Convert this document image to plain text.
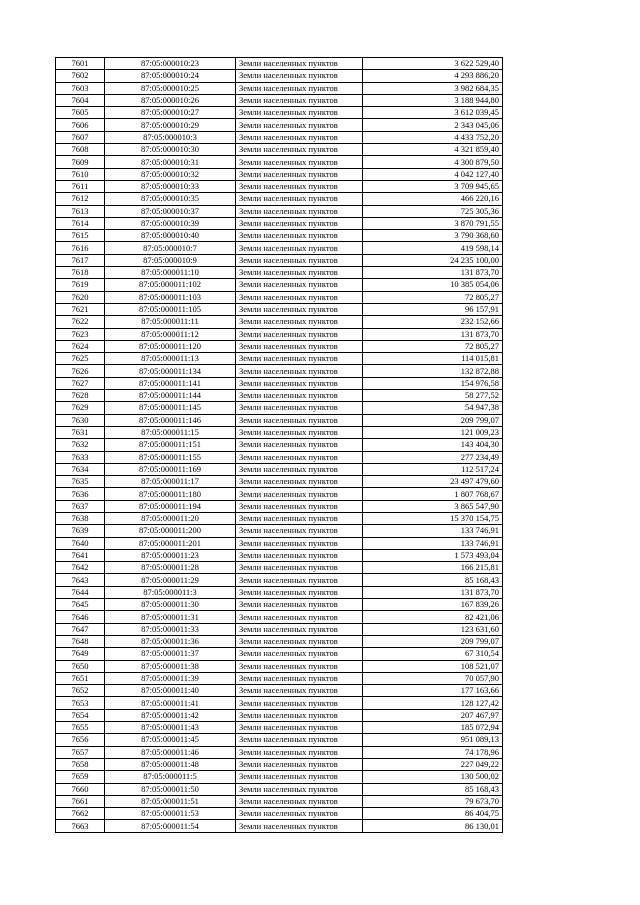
7601	87:05:000010:23	Земли населенных пунктов	3 622 529,40
7602	87:05:000010:24	Земли населенных пунктов	4 293 886,20
7603	87:05:000010:25	Земли населенных пунктов	3 982 684,35
7604	87:05:000010:26	Земли населенных пунктов	3 188 944,80
7605	87:05:000010:27	Земли населенных пунктов	3 612 039,45
7606	87:05:000010:29	Земли населенных пунктов	2 343 045,06
7607	87:05:000010:3	Земли населенных пунктов	4 433 752,20
7608	87:05:000010:30	Земли населенных пунктов	4 321 859,40
7609	87:05:000010:31	Земли населенных пунктов	4 300 879,50
7610	87:05:000010:32	Земли населенных пунктов	4 042 127,40
7611	87:05:000010:33	Земли населенных пунктов	3 709 945,65
7612	87:05:000010:35	Земли населенных пунктов	466 220,16
7613	87:05:000010:37	Земли населенных пунктов	725 305,36
7614	87:05:000010:39	Земли населенных пунктов	3 870 791,55
7615	87:05:000010:40	Земли населенных пунктов	3 790 368,60
7616	87:05:000010:7	Земли населенных пунктов	419 598,14
7617	87:05:000010:9	Земли населенных пунктов	24 235 100,00
7618	87:05:000011:10	Земли населенных пунктов	131 873,70
7619	87:05:000011:102	Земли населенных пунктов	10 385 054,06
7620	87:05:000011:103	Земли населенных пунктов	72 805,27
7621	87:05:000011:105	Земли населенных пунктов	96 157,91
7622	87:05:000011:11	Земли населенных пунктов	232 152,66
7623	87:05:000011:12	Земли населенных пунктов	131 873,70
7624	87:05:000011:120	Земли населенных пунктов	72 805,27
7625	87:05:000011:13	Земли населенных пунктов	114 015,81
7626	87:05:000011:134	Земли населенных пунктов	132 872,88
7627	87:05:000011:141	Земли населенных пунктов	154 976,58
7628	87:05:000011:144	Земли населенных пунктов	58 277,52
7629	87:05:000011:145	Земли населенных пунктов	54 947,38
7630	87:05:000011:146	Земли населенных пунктов	209 799,07
7631	87:05:000011:15	Земли населенных пунктов	121 009,23
7632	87:05:000011:151	Земли населенных пунктов	143 404,30
7633	87:05:000011:155	Земли населенных пунктов	277 234,49
7634	87:05:000011:169	Земли населенных пунктов	112 517,24
7635	87:05:000011:17	Земли населенных пунктов	23 497 479,60
7636	87:05:000011:180	Земли населенных пунктов	1 807 768,67
7637	87:05:000011:194	Земли населенных пунктов	3 865 547,90
7638	87:05:000011:20	Земли населенных пунктов	15 370 154,75
7639	87:05:000011:200	Земли населенных пунктов	133 746,91
7640	87:05:000011:201	Земли населенных пунктов	133 746,91
7641	87:05:000011:23	Земли населенных пунктов	1 573 493,04
7642	87:05:000011:28	Земли населенных пунктов	166 215,81
7643	87:05:000011:29	Земли населенных пунктов	85 168,43
7644	87:05:000011:3	Земли населенных пунктов	131 873,70
7645	87:05:000011:30	Земли населенных пунктов	167 839,26
7646	87:05:000011:31	Земли населенных пунктов	82 421,06
7647	87:05:000011:33	Земли населенных пунктов	123 631,60
7648	87:05:000011:36	Земли населенных пунктов	209 799,07
7649	87:05:000011:37	Земли населенных пунктов	67 310,54
7650	87:05:000011:38	Земли населенных пунктов	108 521,07
7651	87:05:000011:39	Земли населенных пунктов	70 057,90
7652	87:05:000011:40	Земли населенных пунктов	177 163,66
7653	87:05:000011:41	Земли населенных пунктов	128 127,42
7654	87:05:000011:42	Земли населенных пунктов	207 467,97
7655	87:05:000011:43	Земли населенных пунктов	185 072,94
7656	87:05:000011:45	Земли населенных пунктов	951 089,13
7657	87:05:000011:46	Земли населенных пунктов	74 178,96
7658	87:05:000011:48	Земли населенных пунктов	227 049,22
7659	87:05:000011:5	Земли населенных пунктов	130 500,02
7660	87:05:000011:50	Земли населенных пунктов	85 168,43
7661	87:05:000011:51	Земли населенных пунктов	79 673,70
7662	87:05:000011:53	Земли населенных пунктов	86 404,75
7663	87:05:000011:54	Земли населенных пунктов	86 130,01
